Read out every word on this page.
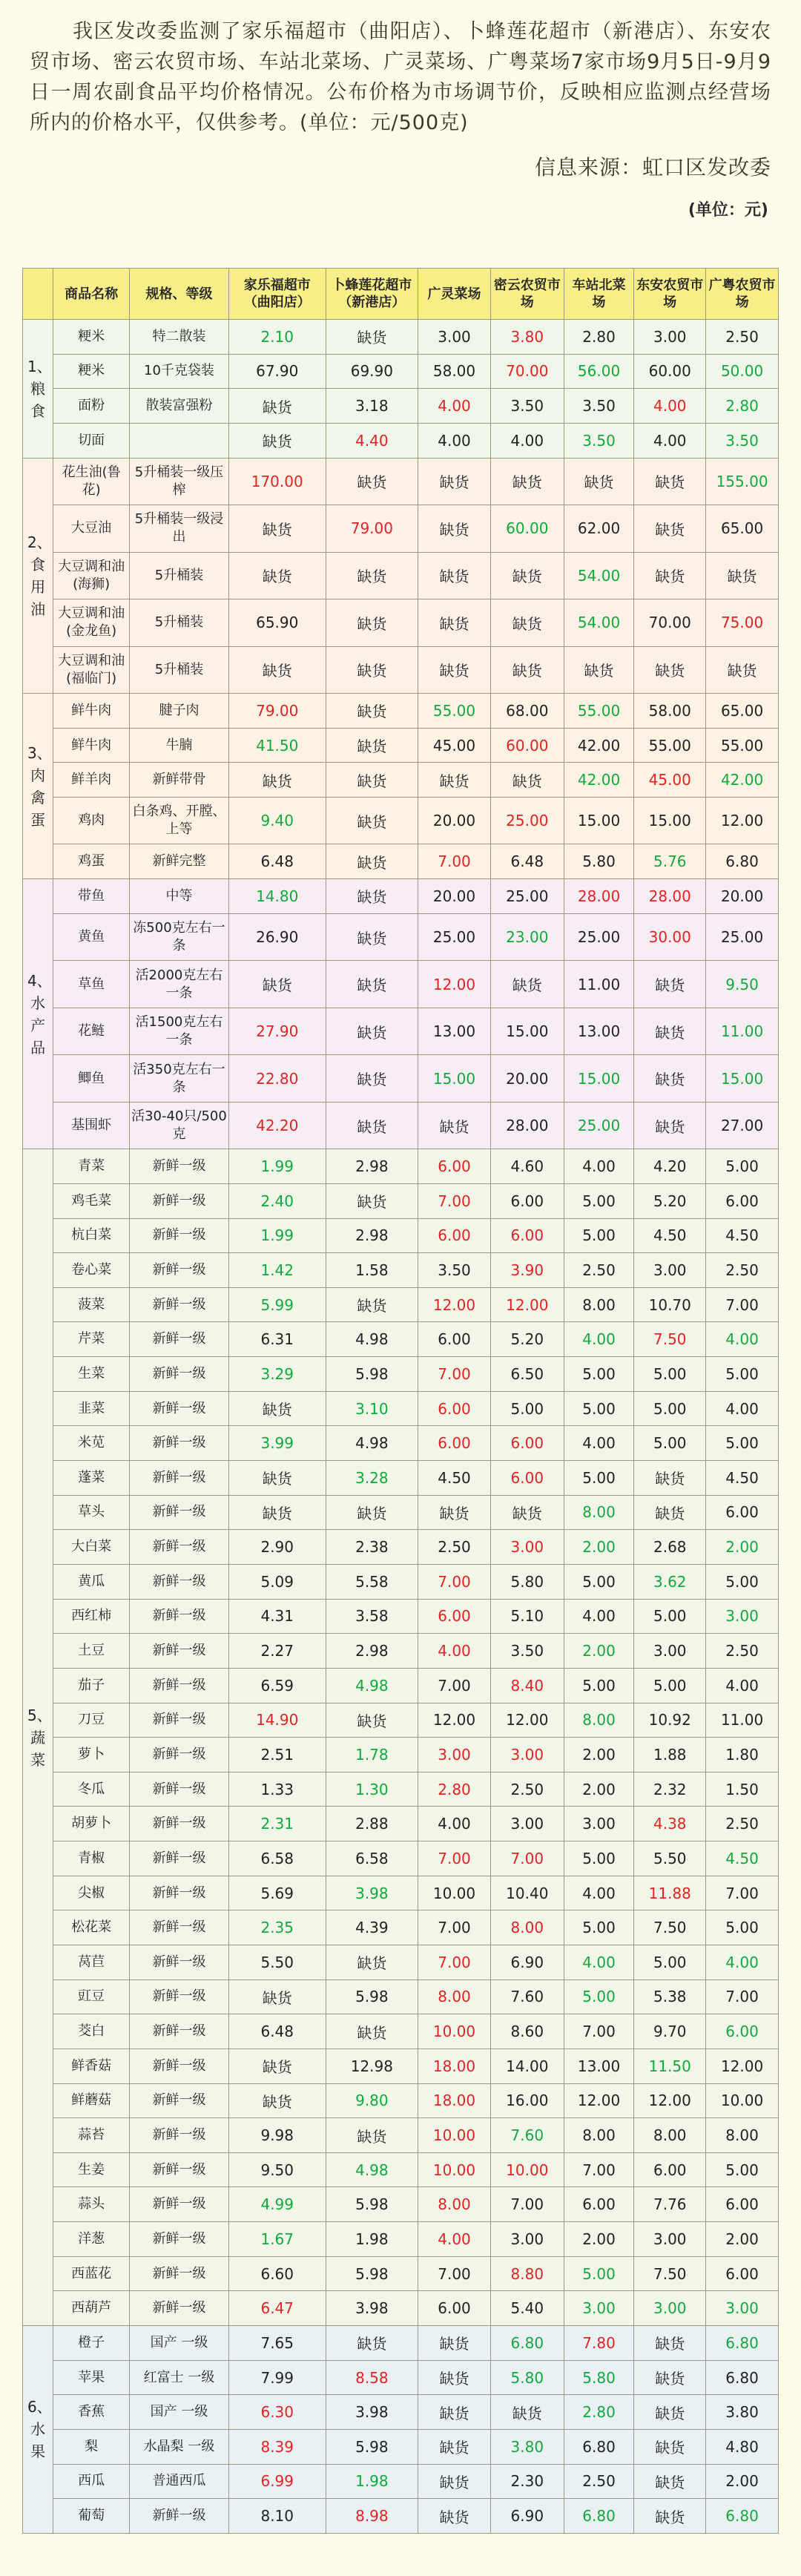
我区发改委监测了家乐福超市（曲阳店）、卜蜂莲花超市（新港店）、东安农贸市场、密云农贸市场、车站北菜场、广灵菜场、广粤菜场7家市场9月5日-9月9日一周农副食品平均价格情况。公布价格为市场调节价，反映相应监测点经营场所内的价格水平，仅供参考。(单位：元/500克)
信息来源：虹口区发改委
(单位：元)
	商品名称	规格、等级	家乐福超市（曲阳店）	卜蜂莲花超市（新港店）	广灵菜场	密云农贸市场	车站北菜场	东安农贸市场	广粤农贸市场
1、粮食	粳米	特二散装	2.10	缺货	3.00	3.80	2.80	3.00	2.50
	粳米	10千克袋装	67.90	69.90	58.00	70.00	56.00	60.00	50.00
	面粉	散装富强粉	缺货	3.18	4.00	3.50	3.50	4.00	2.80
	切面		缺货	4.40	4.00	4.00	3.50	4.00	3.50
2、食用油	花生油(鲁花)	5升桶装一级压榨	170.00	缺货	缺货	缺货	缺货	缺货	155.00
	大豆油	5升桶装一级浸出	缺货	79.00	缺货	60.00	62.00	缺货	65.00
	大豆调和油(海狮)	5升桶装	缺货	缺货	缺货	缺货	54.00	缺货	缺货
	大豆调和油(金龙鱼)	5升桶装	65.90	缺货	缺货	缺货	54.00	70.00	75.00
	大豆调和油(福临门)	5升桶装	缺货	缺货	缺货	缺货	缺货	缺货	缺货
3、肉禽蛋	鲜牛肉	腱子肉	79.00	缺货	55.00	68.00	55.00	58.00	65.00
	鲜牛肉	牛腩	41.50	缺货	45.00	60.00	42.00	55.00	55.00
	鲜羊肉	新鲜带骨	缺货	缺货	缺货	缺货	42.00	45.00	42.00
	鸡肉	白条鸡、开膛、上等	9.40	缺货	20.00	25.00	15.00	15.00	12.00
	鸡蛋	新鲜完整	6.48	缺货	7.00	6.48	5.80	5.76	6.80
4、水产品	带鱼	中等	14.80	缺货	20.00	25.00	28.00	28.00	20.00
	黄鱼	冻500克左右一条	26.90	缺货	25.00	23.00	25.00	30.00	25.00
	草鱼	活2000克左右一条	缺货	缺货	12.00	缺货	11.00	缺货	9.50
	花鲢	活1500克左右一条	27.90	缺货	13.00	15.00	13.00	缺货	11.00
	鲫鱼	活350克左右一条	22.80	缺货	15.00	20.00	15.00	缺货	15.00
	基围虾	活30-40只/500克	42.20	缺货	缺货	28.00	25.00	缺货	27.00
5、蔬菜	青菜	新鲜一级	1.99	2.98	6.00	4.60	4.00	4.20	5.00
	鸡毛菜	新鲜一级	2.40	缺货	7.00	6.00	5.00	5.20	6.00
	杭白菜	新鲜一级	1.99	2.98	6.00	6.00	5.00	4.50	4.50
	卷心菜	新鲜一级	1.42	1.58	3.50	3.90	2.50	3.00	2.50
	菠菜	新鲜一级	5.99	缺货	12.00	12.00	8.00	10.70	7.00
	芹菜	新鲜一级	6.31	4.98	6.00	5.20	4.00	7.50	4.00
	生菜	新鲜一级	3.29	5.98	7.00	6.50	5.00	5.00	5.00
	韭菜	新鲜一级	缺货	3.10	6.00	5.00	5.00	5.00	4.00
	米苋	新鲜一级	3.99	4.98	6.00	6.00	4.00	5.00	5.00
	蓬菜	新鲜一级	缺货	3.28	4.50	6.00	5.00	缺货	4.50
	草头	新鲜一级	缺货	缺货	缺货	缺货	8.00	缺货	6.00
	大白菜	新鲜一级	2.90	2.38	2.50	3.00	2.00	2.68	2.00
	黄瓜	新鲜一级	5.09	5.58	7.00	5.80	5.00	3.62	5.00
	西红柿	新鲜一级	4.31	3.58	6.00	5.10	4.00	5.00	3.00
	土豆	新鲜一级	2.27	2.98	4.00	3.50	2.00	3.00	2.50
	茄子	新鲜一级	6.59	4.98	7.00	8.40	5.00	5.00	4.00
	刀豆	新鲜一级	14.90	缺货	12.00	12.00	8.00	10.92	11.00
	萝卜	新鲜一级	2.51	1.78	3.00	3.00	2.00	1.88	1.80
	冬瓜	新鲜一级	1.33	1.30	2.80	2.50	2.00	2.32	1.50
	胡萝卜	新鲜一级	2.31	2.88	4.00	3.00	3.00	4.38	2.50
	青椒	新鲜一级	6.58	6.58	7.00	7.00	5.00	5.50	4.50
	尖椒	新鲜一级	5.69	3.98	10.00	10.40	4.00	11.88	7.00
	松花菜	新鲜一级	2.35	4.39	7.00	8.00	5.00	7.50	5.00
	莴苣	新鲜一级	5.50	缺货	7.00	6.90	4.00	5.00	4.00
	豇豆	新鲜一级	缺货	5.98	8.00	7.60	5.00	5.38	7.00
	茭白	新鲜一级	6.48	缺货	10.00	8.60	7.00	9.70	6.00
	鲜香菇	新鲜一级	缺货	12.98	18.00	14.00	13.00	11.50	12.00
	鲜蘑菇	新鲜一级	缺货	9.80	18.00	16.00	12.00	12.00	10.00
	蒜苔	新鲜一级	9.98	缺货	10.00	7.60	8.00	8.00	8.00
	生姜	新鲜一级	9.50	4.98	10.00	10.00	7.00	6.00	5.00
	蒜头	新鲜一级	4.99	5.98	8.00	7.00	6.00	7.76	6.00
	洋葱	新鲜一级	1.67	1.98	4.00	3.00	2.00	3.00	2.00
	西蓝花	新鲜一级	6.60	5.98	7.00	8.80	5.00	7.50	6.00
	西葫芦	新鲜一级	6.47	3.98	6.00	5.40	3.00	3.00	3.00
6、水果	橙子	国产 一级	7.65	缺货	缺货	6.80	7.80	缺货	6.80
	苹果	红富士 一级	7.99	8.58	缺货	5.80	5.80	缺货	6.80
	香蕉	国产 一级	6.30	3.98	缺货	缺货	2.80	缺货	3.80
	梨	水晶梨 一级	8.39	5.98	缺货	3.80	6.80	缺货	4.80
	西瓜	普通西瓜	6.99	1.98	缺货	2.30	2.50	缺货	2.00
	葡萄	新鲜一级	8.10	8.98	缺货	6.90	6.80	缺货	6.80
